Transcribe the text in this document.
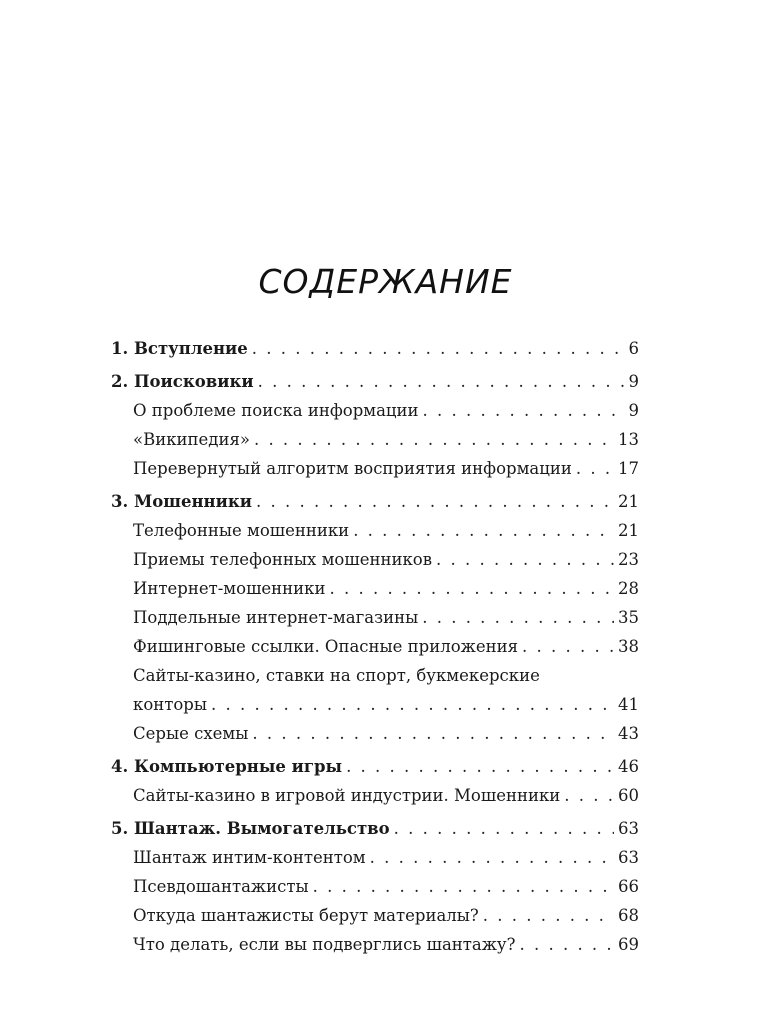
СОДЕРЖАНИЕ
1. Вступление . . .	6
2. Поисковики . . .	9
О проблеме поиска информации . . .	9
«Википедия» . . .	13
Перевернутый алгоритм восприятия информации . . .	17
3. Мошенники . . .	21
Телефонные мошенники . . .	21
Приемы телефонных мошенников . . .	23
Интернет-мошенники . . .	28
Поддельные интернет-магазины . . .	35
Фишинговые ссылки. Опасные приложения . . .	38
Сайты-казино, ставки на спорт, букмекерские
конторы . . .	41
Серые схемы . . .	43
4. Компьютерные игры . . .	46
Сайты-казино в игровой индустрии. Мошенники . . .	60
5. Шантаж. Вымогательство . . .	63
Шантаж интим-контентом . . .	63
Псевдошантажисты . . .	66
Откуда шантажисты берут материалы? . . .	68
Что делать, если вы подверглись шантажу? . . .	69
